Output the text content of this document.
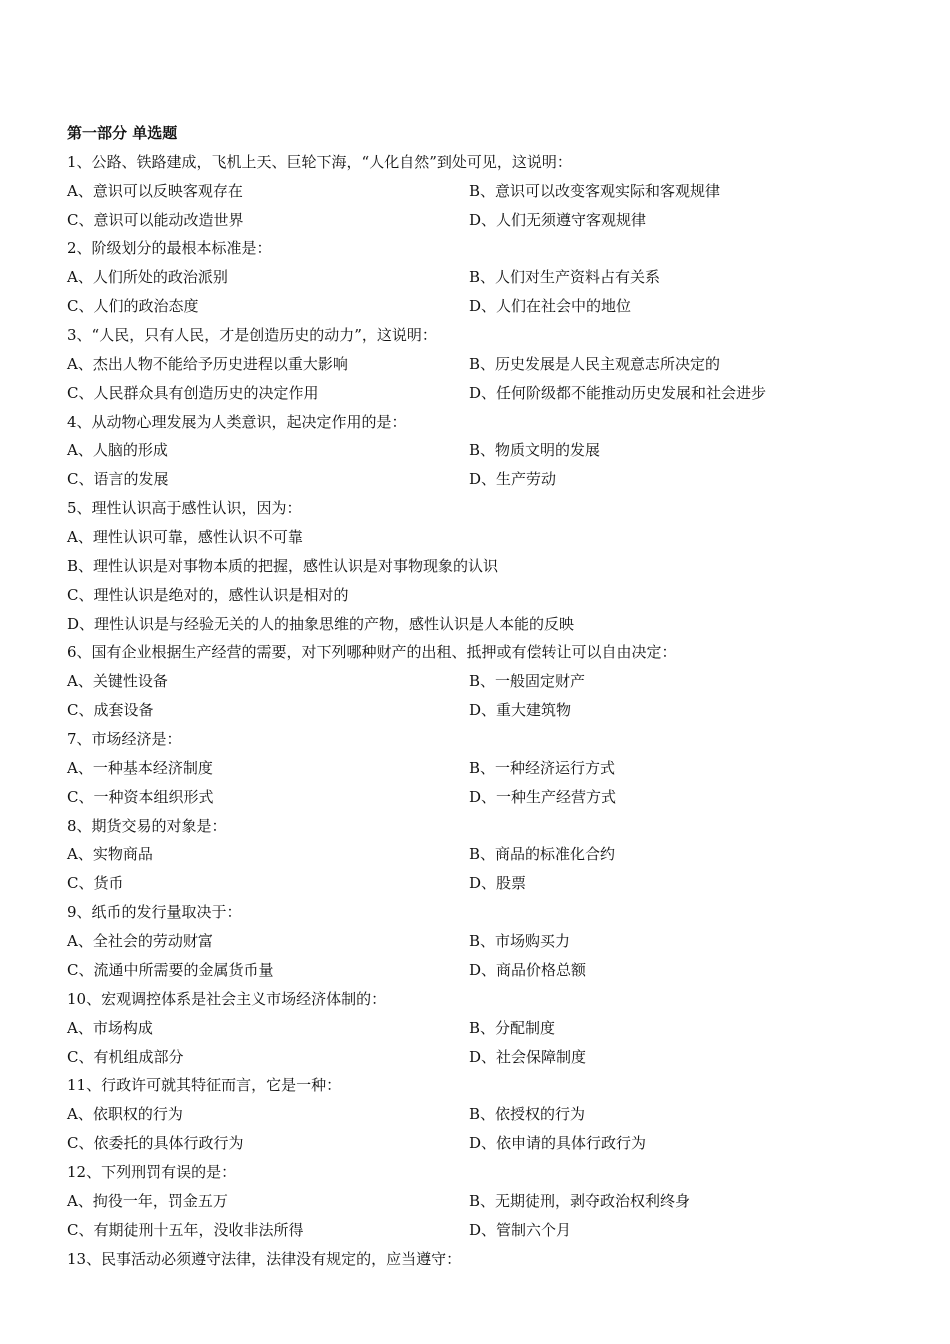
第一部分 单选题
1、公路、铁路建成，飞机上天、巨轮下海，“人化自然”到处可见，这说明：
A、意识可以反映客观存在	B、意识可以改变客观实际和客观规律
C、意识可以能动改造世界	D、人们无须遵守客观规律
2、阶级划分的最根本标准是：
A、人们所处的政治派别	B、人们对生产资料占有关系
C、人们的政治态度	D、人们在社会中的地位
3、“人民，只有人民，才是创造历史的动力”，这说明：
A、杰出人物不能给予历史进程以重大影响	B、历史发展是人民主观意志所决定的
C、人民群众具有创造历史的决定作用	D、任何阶级都不能推动历史发展和社会进步
4、从动物心理发展为人类意识，起决定作用的是：
A、人脑的形成	B、物质文明的发展
C、语言的发展	D、生产劳动
5、理性认识高于感性认识，因为：
A、理性认识可靠，感性认识不可靠
B、理性认识是对事物本质的把握，感性认识是对事物现象的认识
C、理性认识是绝对的，感性认识是相对的
D、理性认识是与经验无关的人的抽象思维的产物，感性认识是人本能的反映
6、国有企业根据生产经营的需要，对下列哪种财产的出租、抵押或有偿转让可以自由决定：
A、关键性设备	B、一般固定财产
C、成套设备	D、重大建筑物
7、市场经济是：
A、一种基本经济制度	B、一种经济运行方式
C、一种资本组织形式	D、一种生产经营方式
8、期货交易的对象是：
A、实物商品	B、商品的标准化合约
C、货币	D、股票
9、纸币的发行量取决于：
A、全社会的劳动财富	B、市场购买力
C、流通中所需要的金属货币量	D、商品价格总额
10、宏观调控体系是社会主义市场经济体制的：
A、市场构成	B、分配制度
C、有机组成部分	D、社会保障制度
11、行政许可就其特征而言，它是一种：
A、依职权的行为	B、依授权的行为
C、依委托的具体行政行为	D、依申请的具体行政行为
12、下列刑罚有误的是：
A、拘役一年，罚金五万	B、无期徒刑，剥夺政治权利终身
C、有期徒刑十五年，没收非法所得	D、管制六个月
13、民事活动必须遵守法律，法律没有规定的，应当遵守：
